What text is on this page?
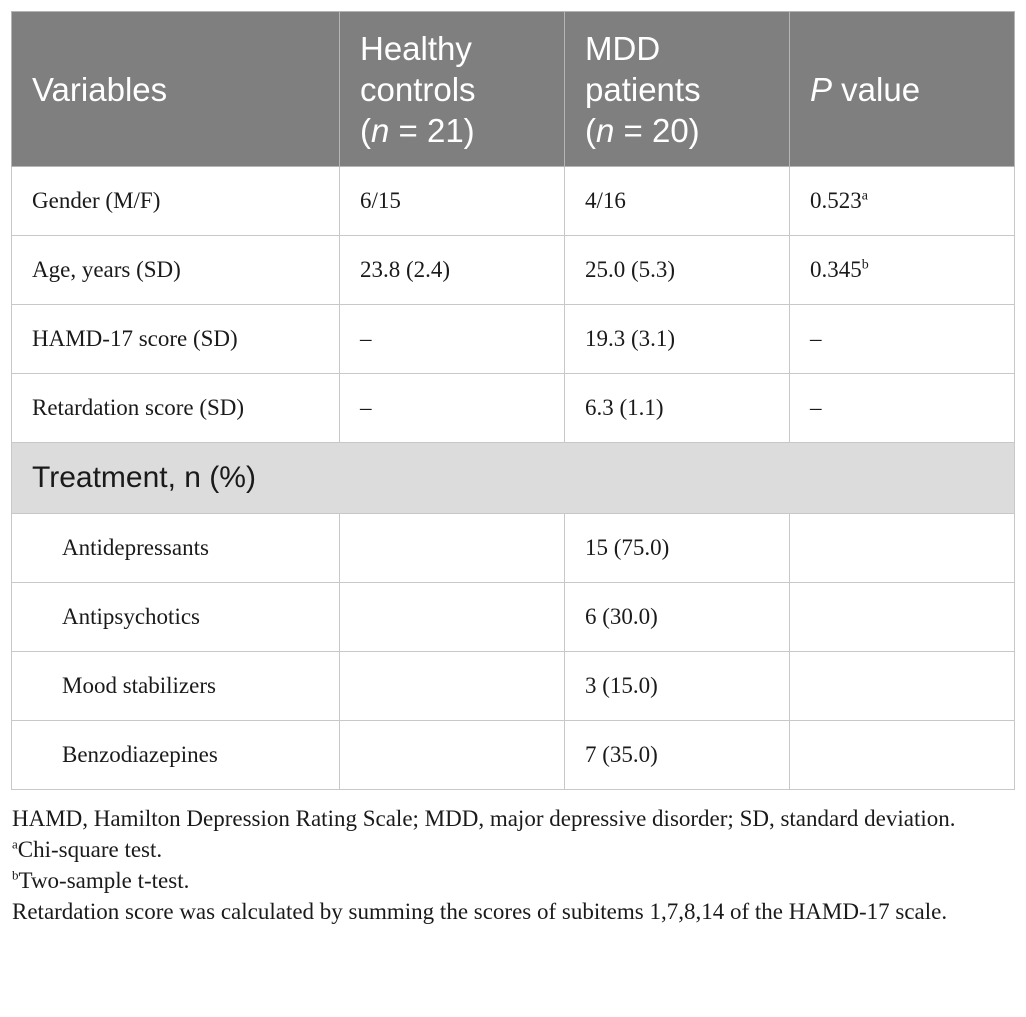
Variables	Healthy
controls
(n = 21)	MDD
patients
(n = 20)	P value
Gender (M/F)	6/15	4/16	0.523$^a$
Age, years (SD)	23.8 (2.4)	25.0 (5.3)	0.345$^b$
HAMD-17 score (SD)	–	19.3 (3.1)	–
Retardation score (SD)	–	6.3 (1.1)	–
Treatment, n (%)			
Antidepressants		15 (75.0)	
Antipsychotics		6 (30.0)	
Mood stabilizers		3 (15.0)	
Benzodiazepines		7 (35.0)	

HAMD, Hamilton Depression Rating Scale; MDD, major depressive disorder; SD, standard deviation.

$^a$Chi-square test.

$^b$Two-sample t-test.

Retardation score was calculated by summing the scores of subitems 1,7,8,14 of the HAMD-17 scale.
